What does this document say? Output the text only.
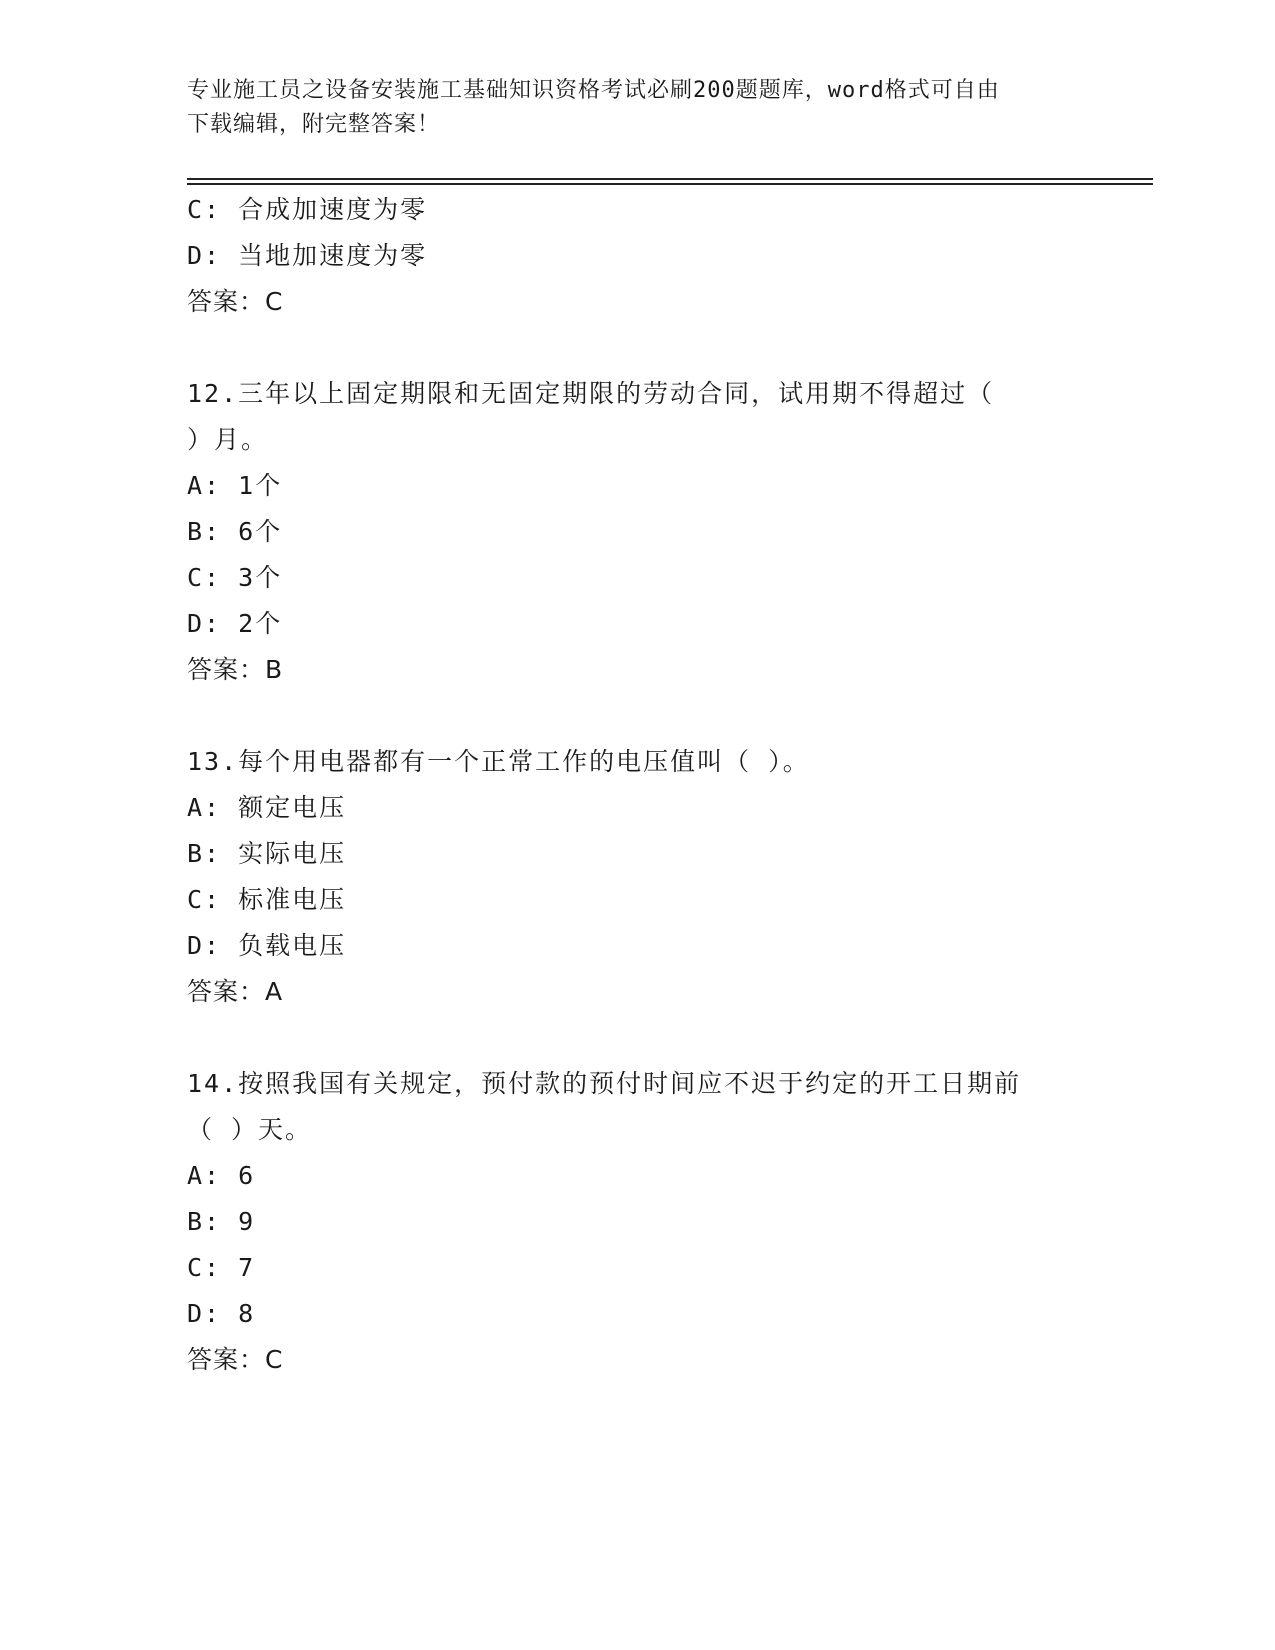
专业施工员之设备安装施工基础知识资格考试必刷200题题库，word格式可自由
下载编辑，附完整答案！
C: 合成加速度为零
D: 当地加速度为零
答案：C
12.三年以上固定期限和无固定期限的劳动合同，试用期不得超过（
）月。
A: 1个
B: 6个
C: 3个
D: 2个
答案：B
13.每个用电器都有一个正常工作的电压值叫（ ）。
A: 额定电压
B: 实际电压
C: 标准电压
D: 负载电压
答案：A
14.按照我国有关规定，预付款的预付时间应不迟于约定的开工日期前
（ ）天。
A: 6
B: 9
C: 7
D: 8
答案：C
